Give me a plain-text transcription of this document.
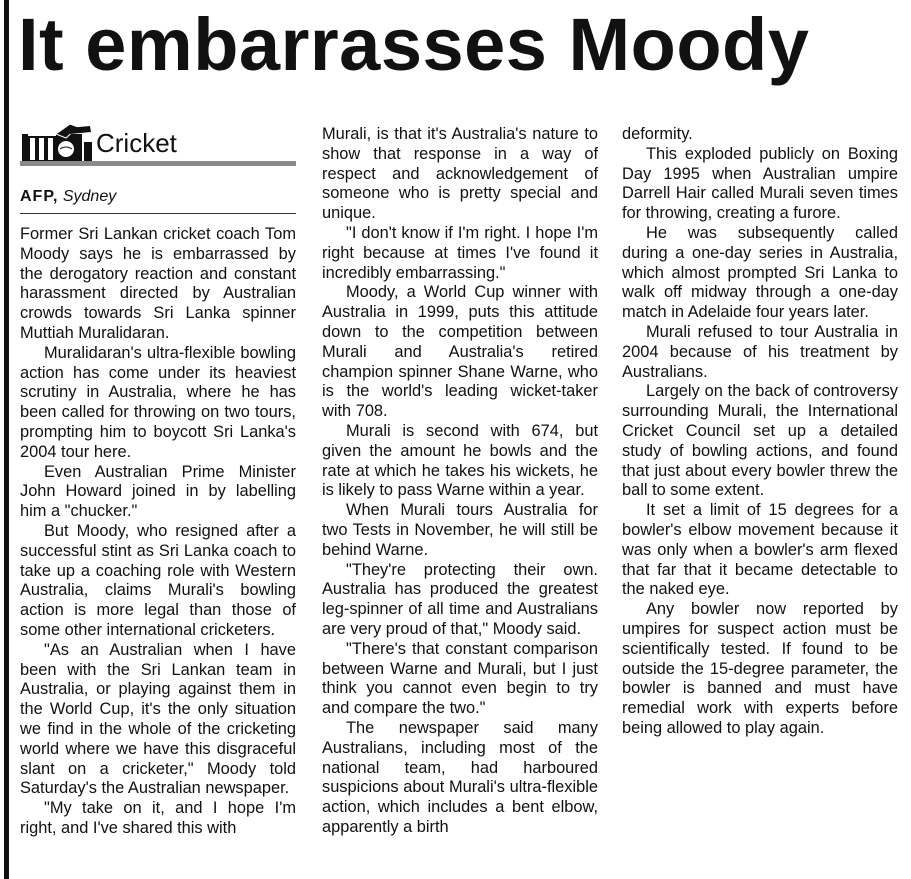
It embarrasses Moody
Cricket
AFP, Sydney

Former Sri Lankan cricket coach Tom Moody says he is embarrassed by the derogatory reaction and constant harassment directed by Australian crowds towards Sri Lanka spinner Muttiah Muralidaran.

Muralidaran's ultra-flexible bowling action has come under its heaviest scrutiny in Australia, where he has been called for throwing on two tours, prompting him to boycott Sri Lanka's 2004 tour here.

Even Australian Prime Minister John Howard joined in by labelling him a "chucker."

But Moody, who resigned after a successful stint as Sri Lanka coach to take up a coaching role with Western Australia, claims Murali's bowling action is more legal than those of some other international cricketers.

"As an Australian when I have been with the Sri Lankan team in Australia, or playing against them in the World Cup, it's the only situation we find in the whole of the cricketing world where we have this disgraceful slant on a cricketer," Moody told Saturday's the Australian newspaper.

"My take on it, and I hope I'm right, and I've shared this with

Murali, is that it's Australia's nature to show that response in a way of respect and acknowledgement of someone who is pretty special and unique.

"I don't know if I'm right. I hope I'm right because at times I've found it incredibly embarrassing."

Moody, a World Cup winner with Australia in 1999, puts this attitude down to the competition between Murali and Australia's retired champion spinner Shane Warne, who is the world's leading wicket-taker with 708.

Murali is second with 674, but given the amount he bowls and the rate at which he takes his wickets, he is likely to pass Warne within a year.

When Murali tours Australia for two Tests in November, he will still be behind Warne.

"They're protecting their own. Australia has produced the greatest leg-spinner of all time and Australians are very proud of that," Moody said.

"There's that constant comparison between Warne and Murali, but I just think you cannot even begin to try and compare the two."

The newspaper said many Australians, including most of the national team, had harboured suspicions about Murali's ultra-flexible action, which includes a bent elbow, apparently a birth

deformity.

This exploded publicly on Boxing Day 1995 when Australian umpire Darrell Hair called Murali seven times for throwing, creating a furore.

He was subsequently called during a one-day series in Australia, which almost prompted Sri Lanka to walk off midway through a one-day match in Adelaide four years later.

Murali refused to tour Australia in 2004 because of his treatment by Australians.

Largely on the back of controversy surrounding Murali, the International Cricket Council set up a detailed study of bowling actions, and found that just about every bowler threw the ball to some extent.

It set a limit of 15 degrees for a bowler's elbow movement because it was only when a bowler's arm flexed that far that it became detectable to the naked eye.

Any bowler now reported by umpires for suspect action must be scientifically tested. If found to be outside the 15-degree parameter, the bowler is banned and must have remedial work with experts before being allowed to play again.
